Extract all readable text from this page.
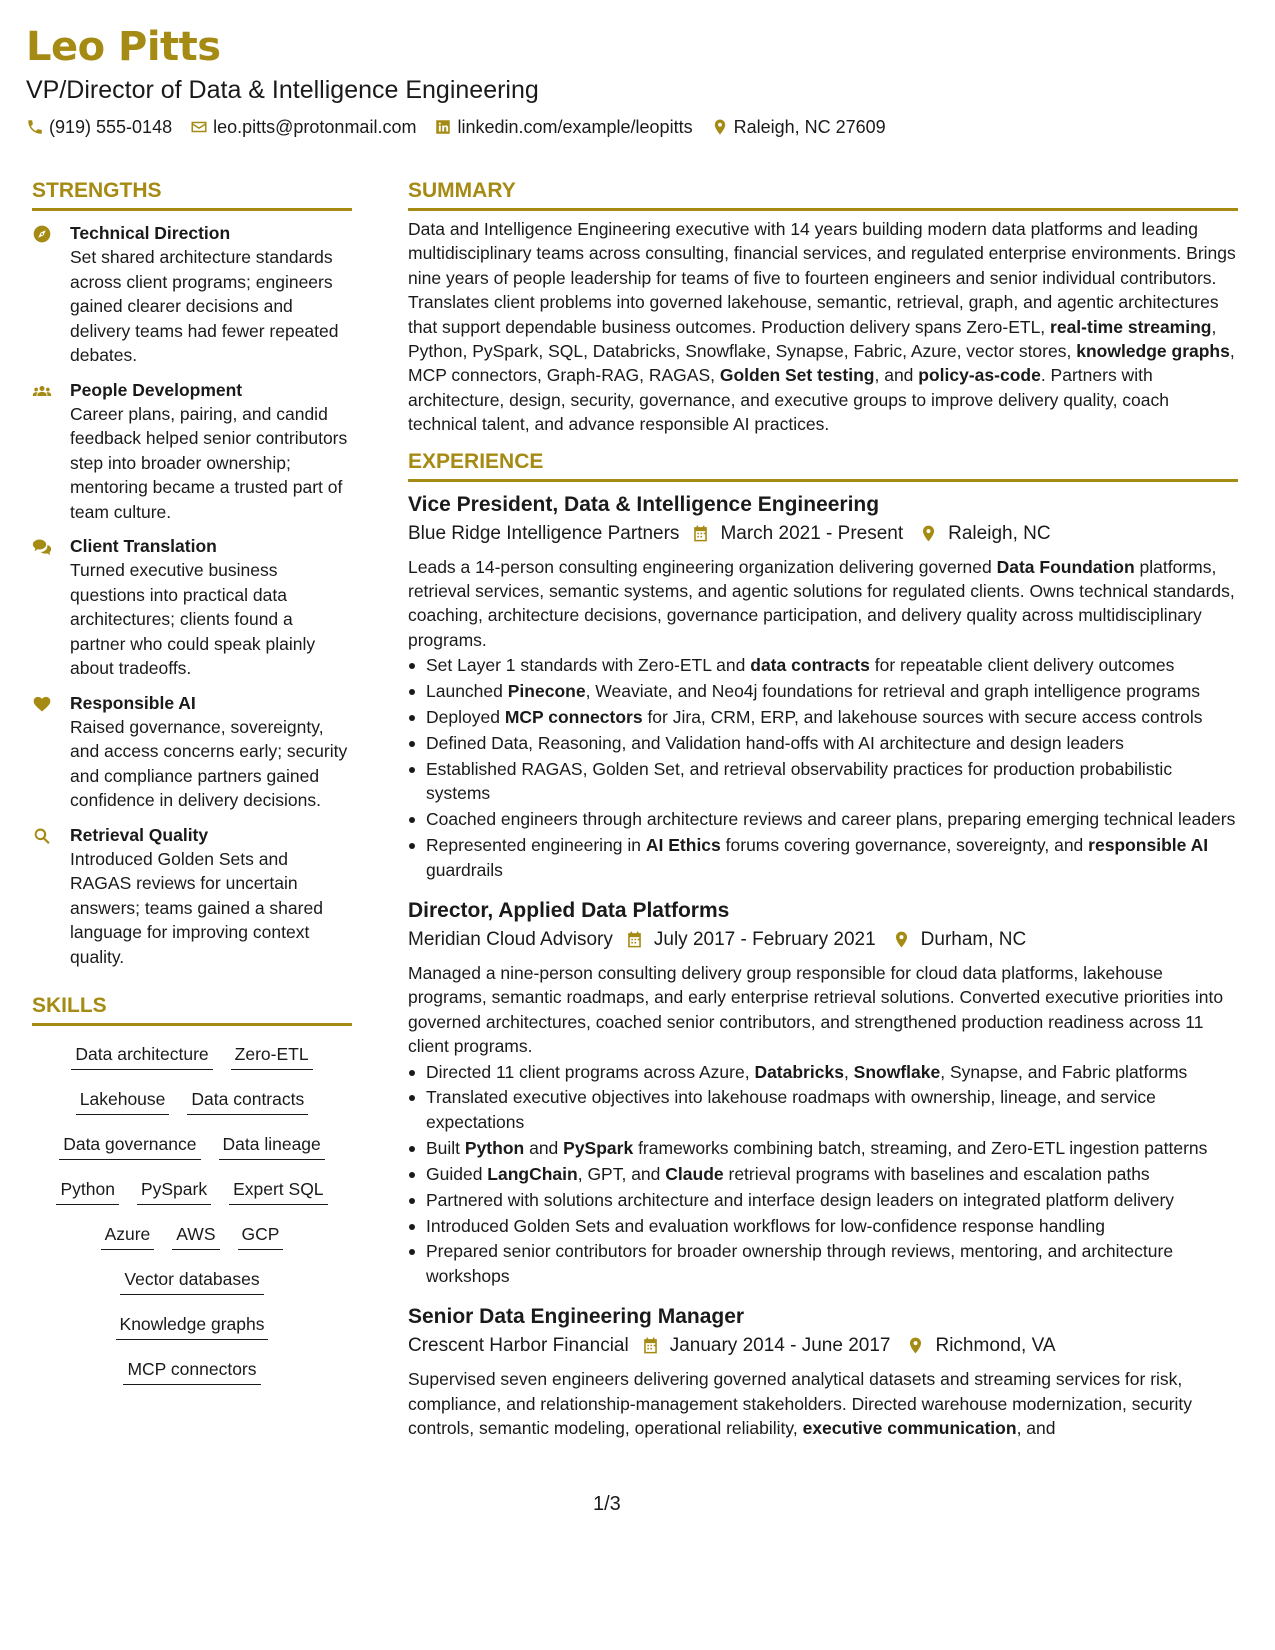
Leo Pitts
VP/Director of Data & Intelligence Engineering
(919) 555-0148 leo.pitts@protonmail.com linkedin.com/example/leopitts Raleigh, NC 27609
STRENGTHS
Technical Direction
Set shared architecture standards across client programs; engineers gained clearer decisions and delivery teams had fewer repeated debates.
People Development
Career plans, pairing, and candid feedback helped senior contributors step into broader ownership; mentoring became a trusted part of team culture.
Client Translation
Turned executive business questions into practical data architectures; clients found a partner who could speak plainly about tradeoffs.
Responsible AI
Raised governance, sovereignty, and access concerns early; security and compliance partners gained confidence in delivery decisions.
Retrieval Quality
Introduced Golden Sets and RAGAS reviews for uncertain answers; teams gained a shared language for improving context quality.
SKILLS
Data architecture Zero-ETL
Lakehouse Data contracts
Data governance Data lineage
Python PySpark Expert SQL
Azure AWS GCP
Vector databases
Knowledge graphs
MCP connectors
SUMMARY
Data and Intelligence Engineering executive with 14 years building modern data platforms and leading multidisciplinary teams across consulting, financial services, and regulated enterprise environments. Brings nine years of people leadership for teams of five to fourteen engineers and senior individual contributors. Translates client problems into governed lakehouse, semantic, retrieval, graph, and agentic architectures that support dependable business outcomes. Production delivery spans Zero-ETL, real-time streaming, Python, PySpark, SQL, Databricks, Snowflake, Synapse, Fabric, Azure, vector stores, knowledge graphs, MCP connectors, Graph-RAG, RAGAS, Golden Set testing, and policy-as-code. Partners with architecture, design, security, governance, and executive groups to improve delivery quality, coach technical talent, and advance responsible AI practices.
EXPERIENCE
Vice President, Data & Intelligence Engineering
Blue Ridge Intelligence Partners March 2021 - Present Raleigh, NC
Leads a 14-person consulting engineering organization delivering governed Data Foundation platforms, retrieval services, semantic systems, and agentic solutions for regulated clients. Owns technical standards, coaching, architecture decisions, governance participation, and delivery quality across multidisciplinary programs.
Set Layer 1 standards with Zero-ETL and data contracts for repeatable client delivery outcomes
Launched Pinecone, Weaviate, and Neo4j foundations for retrieval and graph intelligence programs
Deployed MCP connectors for Jira, CRM, ERP, and lakehouse sources with secure access controls
Defined Data, Reasoning, and Validation hand-offs with AI architecture and design leaders
Established RAGAS, Golden Set, and retrieval observability practices for production probabilistic systems
Coached engineers through architecture reviews and career plans, preparing emerging technical leaders
Represented engineering in AI Ethics forums covering governance, sovereignty, and responsible AI guardrails
Director, Applied Data Platforms
Meridian Cloud Advisory July 2017 - February 2021 Durham, NC
Managed a nine-person consulting delivery group responsible for cloud data platforms, lakehouse programs, semantic roadmaps, and early enterprise retrieval solutions. Converted executive priorities into governed architectures, coached senior contributors, and strengthened production readiness across 11 client programs.
Directed 11 client programs across Azure, Databricks, Snowflake, Synapse, and Fabric platforms
Translated executive objectives into lakehouse roadmaps with ownership, lineage, and service expectations
Built Python and PySpark frameworks combining batch, streaming, and Zero-ETL ingestion patterns
Guided LangChain, GPT, and Claude retrieval programs with baselines and escalation paths
Partnered with solutions architecture and interface design leaders on integrated platform delivery
Introduced Golden Sets and evaluation workflows for low-confidence response handling
Prepared senior contributors for broader ownership through reviews, mentoring, and architecture workshops
Senior Data Engineering Manager
Crescent Harbor Financial January 2014 - June 2017 Richmond, VA
Supervised seven engineers delivering governed analytical datasets and streaming services for risk, compliance, and relationship-management stakeholders. Directed warehouse modernization, security controls, semantic modeling, operational reliability, executive communication, and
1/3
